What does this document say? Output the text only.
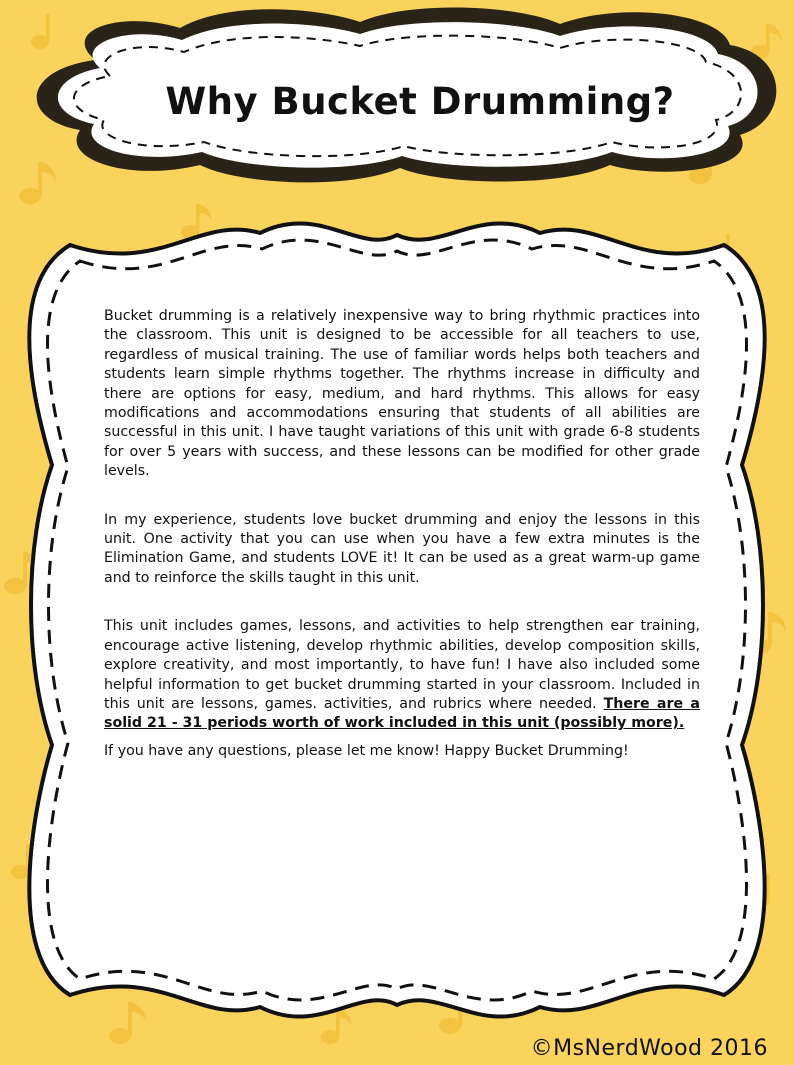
Why Bucket Drumming?

Bucket drumming is a relatively inexpensive way to bring rhythmic practices into the classroom. This unit is designed to be accessible for all teachers to use, regardless of musical training. The use of familiar words helps both teachers and students learn simple rhythms together. The rhythms increase in difficulty and there are options for easy, medium, and hard rhythms. This allows for easy modifications and accommodations ensuring that students of all abilities are successful in this unit. I have taught variations of this unit with grade 6-8 students for over 5 years with success, and these lessons can be modified for other grade levels.

In my experience, students love bucket drumming and enjoy the lessons in this unit. One activity that you can use when you have a few extra minutes is the Elimination Game, and students LOVE it! It can be used as a great warm-up game and to reinforce the skills taught in this unit.

This unit includes games, lessons, and activities to help strengthen ear training, encourage active listening, develop rhythmic abilities, develop composition skills, explore creativity, and most importantly, to have fun! I have also included some helpful information to get bucket drumming started in your classroom. Included in this unit are lessons, games. activities, and rubrics where needed. There are a solid 21 - 31 periods worth of work included in this unit (possibly more).

If you have any questions, please let me know! Happy Bucket Drumming!

©MsNerdWood 2016
